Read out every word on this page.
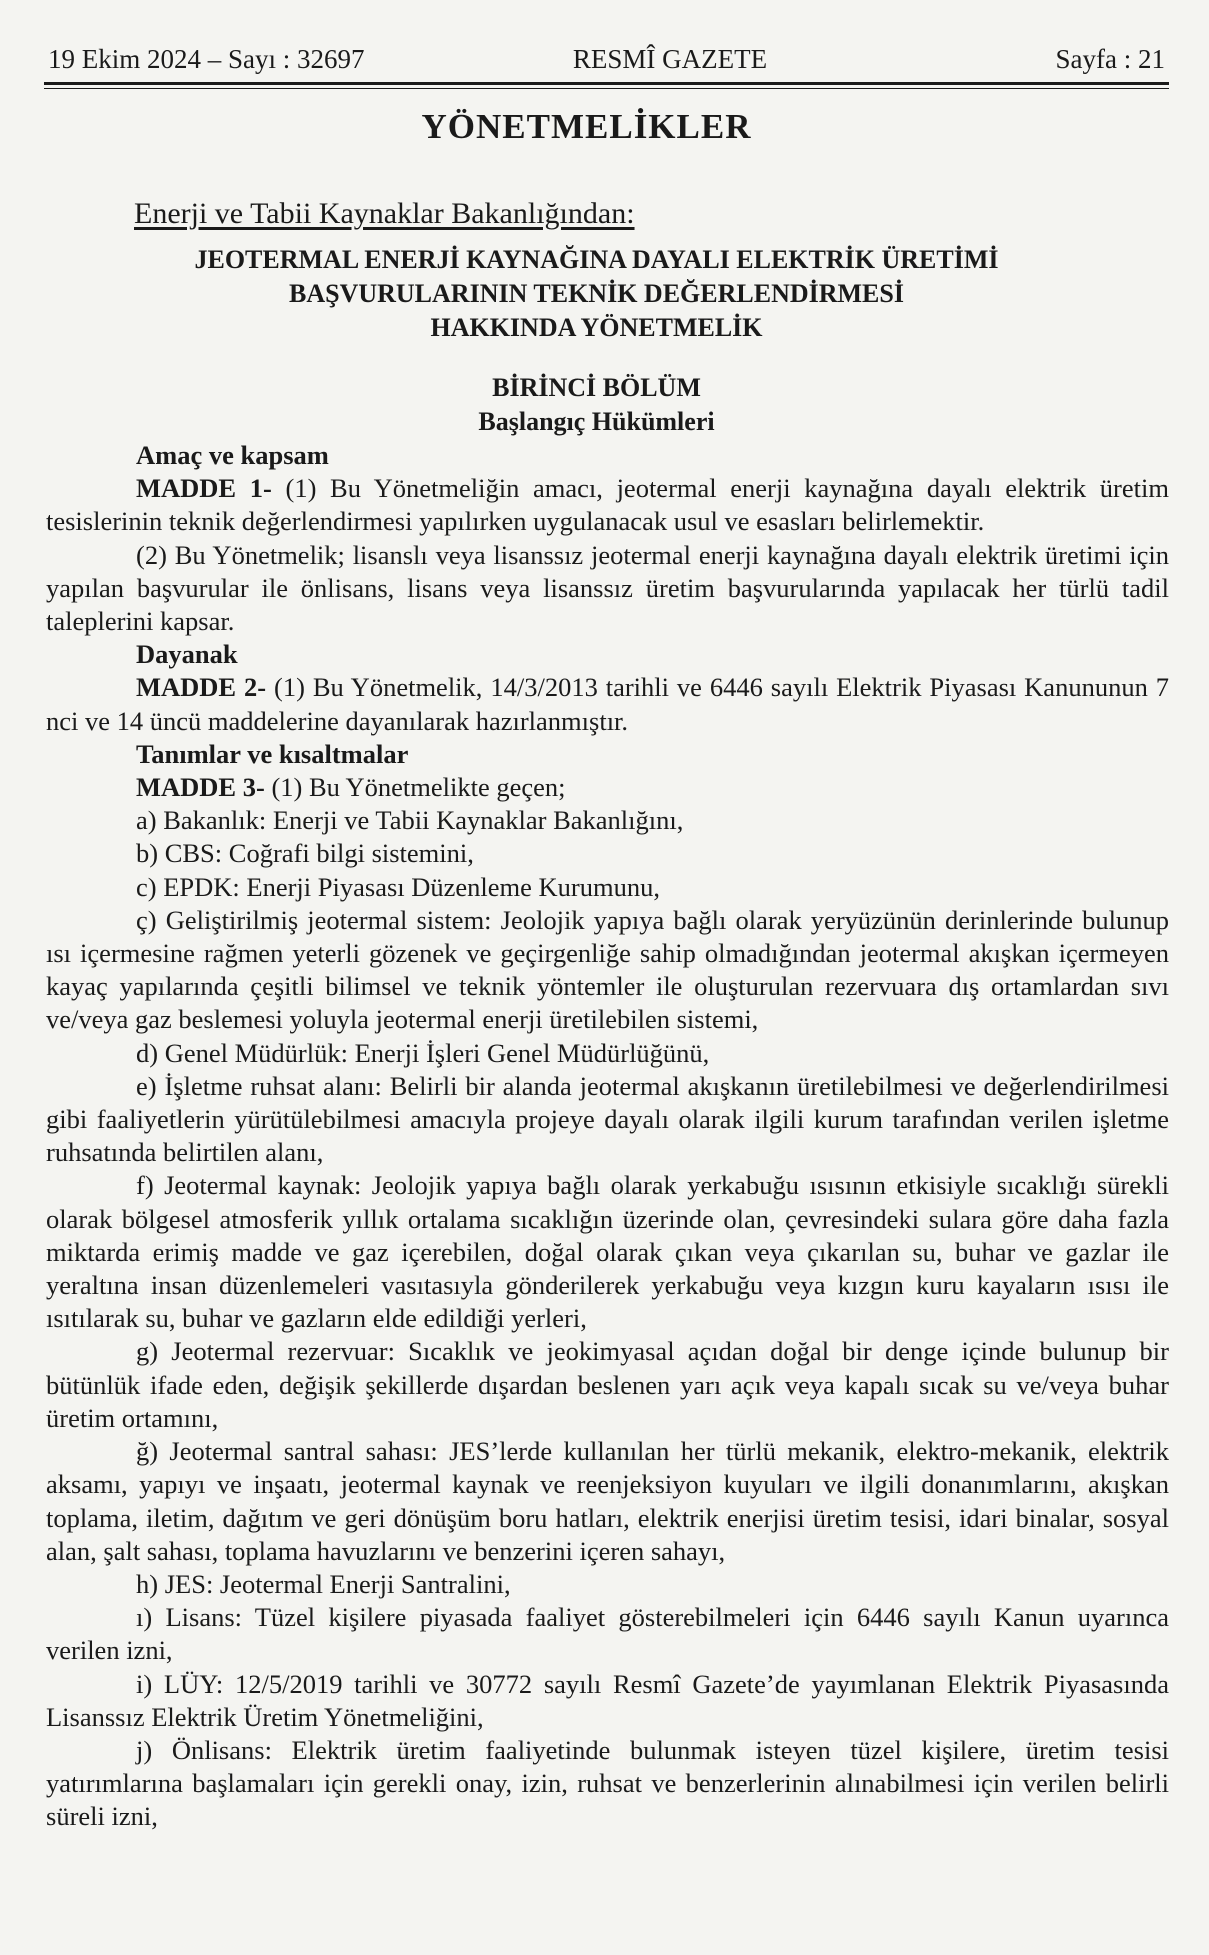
19 Ekim 2024 – Sayı : 32697	RESMÎ GAZETE	Sayfa : 21
YÖNETMELİKLER
Enerji ve Tabii Kaynaklar Bakanlığından:
JEOTERMAL ENERJİ KAYNAĞINA DAYALI ELEKTRİK ÜRETİMİ
BAŞVURULARININ TEKNİK DEĞERLENDİRMESİ
HAKKINDA YÖNETMELİK
BİRİNCİ BÖLÜM
Başlangıç Hükümleri

Amaç ve kapsam

MADDE 1- (1) Bu Yönetmeliğin amacı, jeotermal enerji kaynağına dayalı elektrik üretim tesislerinin teknik değerlendirmesi yapılırken uygulanacak usul ve esasları belirlemektir.

(2) Bu Yönetmelik; lisanslı veya lisanssız jeotermal enerji kaynağına dayalı elektrik üretimi için yapılan başvurular ile önlisans, lisans veya lisanssız üretim başvurularında yapılacak her türlü tadil taleplerini kapsar.

Dayanak

MADDE 2- (1) Bu Yönetmelik, 14/3/2013 tarihli ve 6446 sayılı Elektrik Piyasası Kanununun 7 nci ve 14 üncü maddelerine dayanılarak hazırlanmıştır.

Tanımlar ve kısaltmalar

MADDE 3- (1) Bu Yönetmelikte geçen;

a) Bakanlık: Enerji ve Tabii Kaynaklar Bakanlığını,

b) CBS: Coğrafi bilgi sistemini,

c) EPDK: Enerji Piyasası Düzenleme Kurumunu,

ç) Geliştirilmiş jeotermal sistem: Jeolojik yapıya bağlı olarak yeryüzünün derinlerinde bulunup ısı içermesine rağmen yeterli gözenek ve geçirgenliğe sahip olmadığından jeotermal akışkan içermeyen kayaç yapılarında çeşitli bilimsel ve teknik yöntemler ile oluşturulan rezervuara dış ortamlardan sıvı ve/veya gaz beslemesi yoluyla jeotermal enerji üretilebilen sistemi,

d) Genel Müdürlük: Enerji İşleri Genel Müdürlüğünü,

e) İşletme ruhsat alanı: Belirli bir alanda jeotermal akışkanın üretilebilmesi ve değerlendirilmesi gibi faaliyetlerin yürütülebilmesi amacıyla projeye dayalı olarak ilgili kurum tarafından verilen işletme ruhsatında belirtilen alanı,

f) Jeotermal kaynak: Jeolojik yapıya bağlı olarak yerkabuğu ısısının etkisiyle sıcaklığı sürekli olarak bölgesel atmosferik yıllık ortalama sıcaklığın üzerinde olan, çevresindeki sulara göre daha fazla miktarda erimiş madde ve gaz içerebilen, doğal olarak çıkan veya çıkarılan su, buhar ve gazlar ile yeraltına insan düzenlemeleri vasıtasıyla gönderilerek yerkabuğu veya kızgın kuru kayaların ısısı ile ısıtılarak su, buhar ve gazların elde edildiği yerleri,

g) Jeotermal rezervuar: Sıcaklık ve jeokimyasal açıdan doğal bir denge içinde bulunup bir bütünlük ifade eden, değişik şekillerde dışardan beslenen yarı açık veya kapalı sıcak su ve/veya buhar üretim ortamını,

ğ) Jeotermal santral sahası: JES’lerde kullanılan her türlü mekanik, elektro-mekanik, elektrik aksamı, yapıyı ve inşaatı, jeotermal kaynak ve reenjeksiyon kuyuları ve ilgili donanımlarını, akışkan toplama, iletim, dağıtım ve geri dönüşüm boru hatları, elektrik enerjisi üretim tesisi, idari binalar, sosyal alan, şalt sahası, toplama havuzlarını ve benzerini içeren sahayı,

h) JES: Jeotermal Enerji Santralini,

ı) Lisans: Tüzel kişilere piyasada faaliyet gösterebilmeleri için 6446 sayılı Kanun uyarınca verilen izni,

i) LÜY: 12/5/2019 tarihli ve 30772 sayılı Resmî Gazete’de yayımlanan Elektrik Piyasasında Lisanssız Elektrik Üretim Yönetmeliğini,

j) Önlisans: Elektrik üretim faaliyetinde bulunmak isteyen tüzel kişilere, üretim tesisi yatırımlarına başlamaları için gerekli onay, izin, ruhsat ve benzerlerinin alınabilmesi için verilen belirli süreli izni,
